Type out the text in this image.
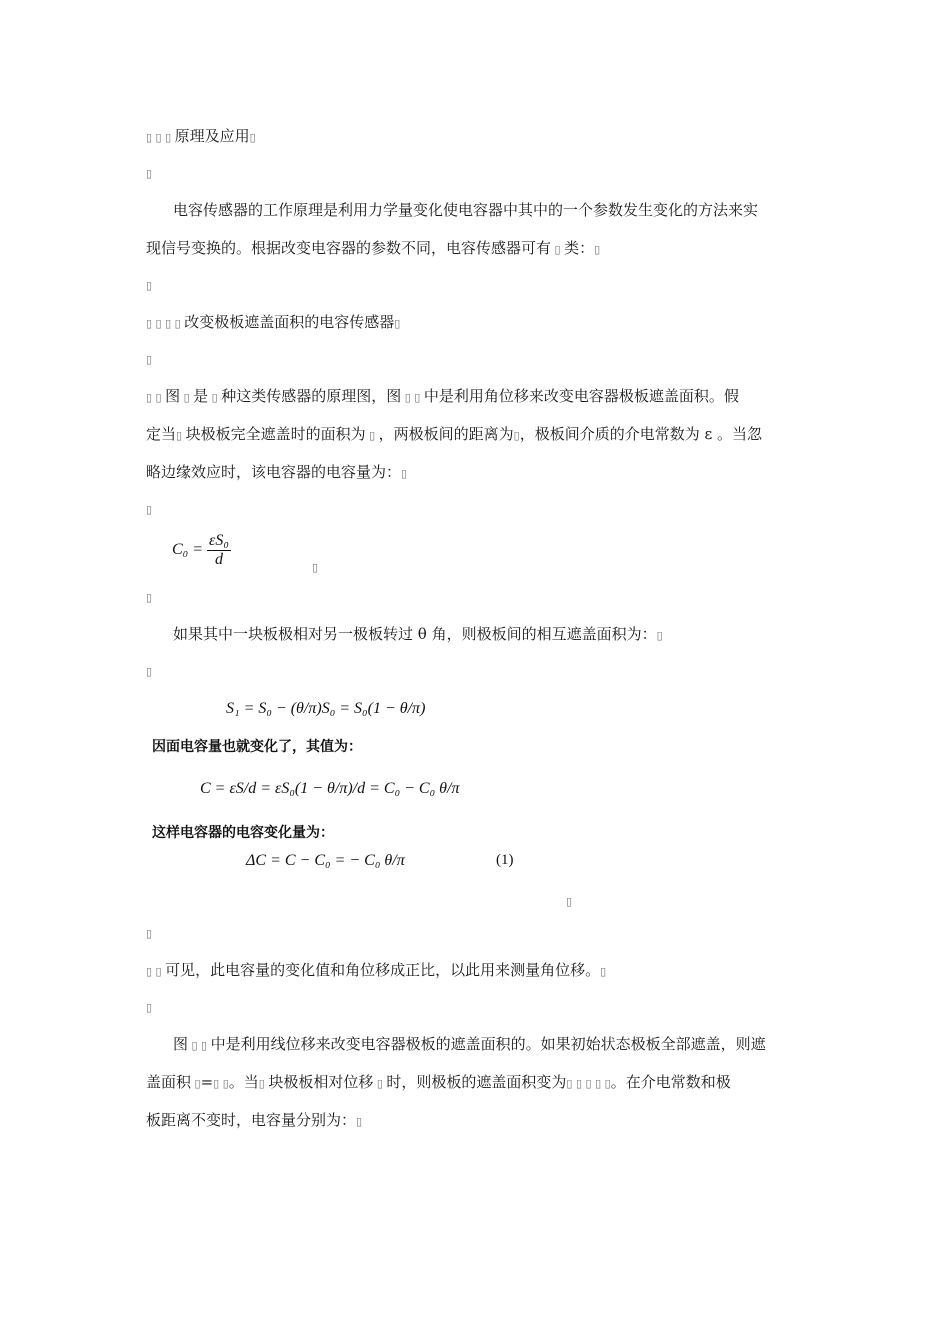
▯ ▯ ▯ 原理及应用▯
▯
电容传感器的工作原理是利用力学量变化使电容器中其中的一个参数发生变化的方法来实
现信号变换的。根据改变电容器的参数不同，电容传感器可有 ▯ 类：▯
▯
▯ ▯ ▯ ▯ 改变极板遮盖面积的电容传感器▯
▯
▯ ▯ 图 ▯ 是 ▯ 种这类传感器的原理图，图 ▯ ▯ 中是利用角位移来改变电容器极板遮盖面积。假
定当▯ 块极板完全遮盖时的面积为 ▯ ，两极板间的距离为▯，极板间介质的介电常数为 ε 。当忽
略边缘效应时，该电容器的电容量为：▯
▯
$C_0 = \frac{\text{εS₀}}{d}$	▯
▯
如果其中一块板极相对另一极板转过 θ 角，则极板间的相互遮盖面积为：▯
▯
S₁ = S₀ − (θ/π)S₀ = S₀(1 − θ/π)
因面电容量也就变化了，其值为：
C = εS/d = εS₀(1 − θ/π)/d = C₀ − C₀ θ/π
这样电容器的电容变化量为：
ΔC = C − C₀ = − C₀ θ/π	(1)
▯
▯
▯ ▯ 可见，此电容量的变化值和角位移成正比，以此用来测量角位移。▯
▯
图 ▯ ▯ 中是利用线位移来改变电容器极板的遮盖面积的。如果初始状态极板全部遮盖，则遮
盖面积 ▯=▯ ▯。当▯ 块极板相对位移 ▯ 时，则极板的遮盖面积变为▯ ▯ ▯ ▯ ▯。在介电常数和极
板距离不变时，电容量分别为：▯
